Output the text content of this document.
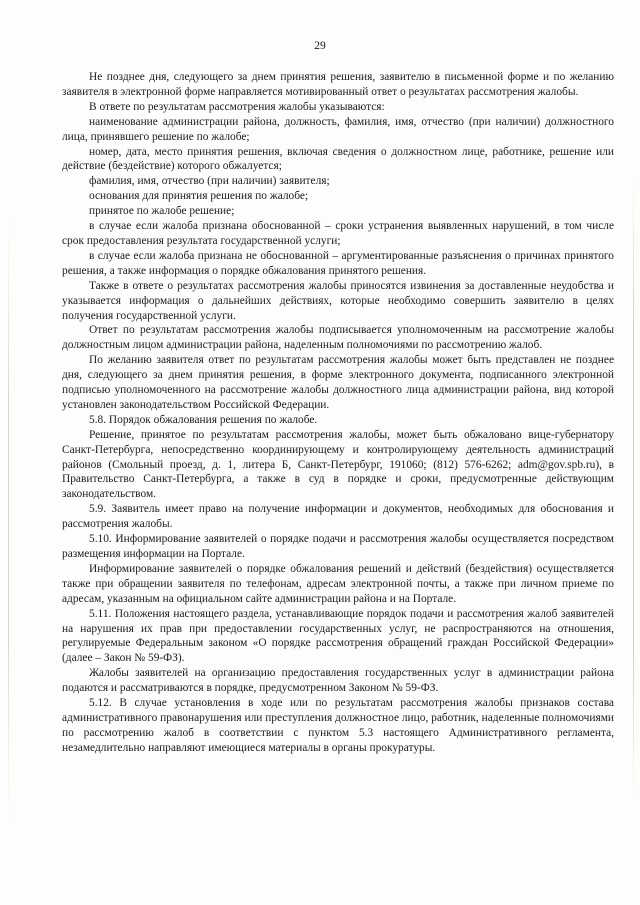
29

Не позднее дня, следующего за днем принятия решения, заявителю в письменной форме и по желанию заявителя в электронной форме направляется мотивированный ответ о результатах рассмотрения жалобы.

В ответе по результатам рассмотрения жалобы указываются:

наименование администрации района, должность, фамилия, имя, отчество (при наличии) должностного лица, принявшего решение по жалобе;

номер, дата, место принятия решения, включая сведения о должностном лице, работнике, решение или действие (бездействие) которого обжалуется;

фамилия, имя, отчество (при наличии) заявителя;

основания для принятия решения по жалобе;

принятое по жалобе решение;

в случае если жалоба признана обоснованной – сроки устранения выявленных нарушений, в том числе срок предоставления результата государственной услуги;

в случае если жалоба признана не обоснованной – аргументированные разъяснения о причинах принятого решения, а также информация о порядке обжалования принятого решения.

Также в ответе о результатах рассмотрения жалобы приносятся извинения за доставленные неудобства и указывается информация о дальнейших действиях, которые необходимо совершить заявителю в целях получения государственной услуги.

Ответ по результатам рассмотрения жалобы подписывается уполномоченным на рассмотрение жалобы должностным лицом администрации района, наделенным полномочиями по рассмотрению жалоб.

По желанию заявителя ответ по результатам рассмотрения жалобы может быть представлен не позднее дня, следующего за днем принятия решения, в форме электронного документа, подписанного электронной подписью уполномоченного на рассмотрение жалобы должностного лица администрации района, вид которой установлен законодательством Российской Федерации.

5.8. Порядок обжалования решения по жалобе.

Решение, принятое по результатам рассмотрения жалобы, может быть обжаловано вице-губернатору Санкт-Петербурга, непосредственно координирующему и контролирующему деятельность администраций районов (Смольный проезд, д. 1, литера Б, Санкт-Петербург, 191060; (812) 576-6262; adm@gov.spb.ru), в Правительство Санкт-Петербурга, а также в суд в порядке и сроки, предусмотренные действующим законодательством.

5.9. Заявитель имеет право на получение информации и документов, необходимых для обоснования и рассмотрения жалобы.

5.10. Информирование заявителей о порядке подачи и рассмотрения жалобы осуществляется посредством размещения информации на Портале.

Информирование заявителей о порядке обжалования решений и действий (бездействия) осуществляется также при обращении заявителя по телефонам, адресам электронной почты, а также при личном приеме по адресам, указанным на официальном сайте администрации района и на Портале.

5.11. Положения настоящего раздела, устанавливающие порядок подачи и рассмотрения жалоб заявителей на нарушения их прав при предоставлении государственных услуг, не распространяются на отношения, регулируемые Федеральным законом «О порядке рассмотрения обращений граждан Российской Федерации» (далее – Закон № 59-ФЗ).

Жалобы заявителей на организацию предоставления государственных услуг в администрации района подаются и рассматриваются в порядке, предусмотренном Законом № 59-ФЗ.

5.12. В случае установления в ходе или по результатам рассмотрения жалобы признаков состава административного правонарушения или преступления должностное лицо, работник, наделенные полномочиями по рассмотрению жалоб в соответствии с пунктом 5.3 настоящего Административного регламента, незамедлительно направляют имеющиеся материалы в органы прокуратуры.
